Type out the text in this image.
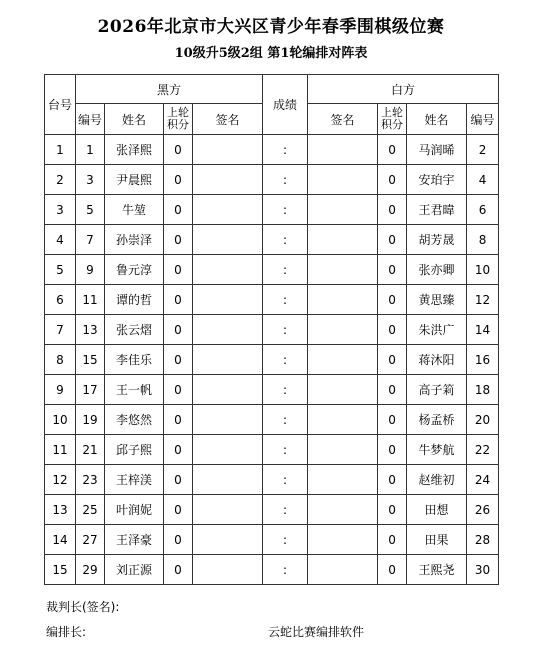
2026年北京市大兴区青少年春季围棋级位赛
10级升5级2组 第1轮编排对阵表
台号	黑方				成绩	白方			
	编号	姓名	上轮积分	签名		签名	上轮积分	姓名	编号
1	1	张泽熙	0		:		0	马润晞	2
2	3	尹晨熙	0		:		0	安珀宇	4
3	5	牛堃	0		:		0	王君暐	6
4	7	孙崇泽	0		:		0	胡芳晟	8
5	9	鲁元淳	0		:		0	张亦卿	10
6	11	谭的哲	0		:		0	黄思臻	12
7	13	张云熠	0		:		0	朱洪广	14
8	15	李佳乐	0		:		0	蒋沐阳	16
9	17	王一帆	0		:		0	高子筣	18
10	19	李悠然	0		:		0	杨孟桥	20
11	21	邱子熙	0		:		0	牛梦航	22
12	23	王梓渼	0		:		0	赵维初	24
13	25	叶润妮	0		:		0	田想	26
14	27	王泽豪	0		:		0	田果	28
15	29	刘正源	0		:		0	王熙尧	30
裁判长(签名):
编排长:	云蛇比赛编排软件
